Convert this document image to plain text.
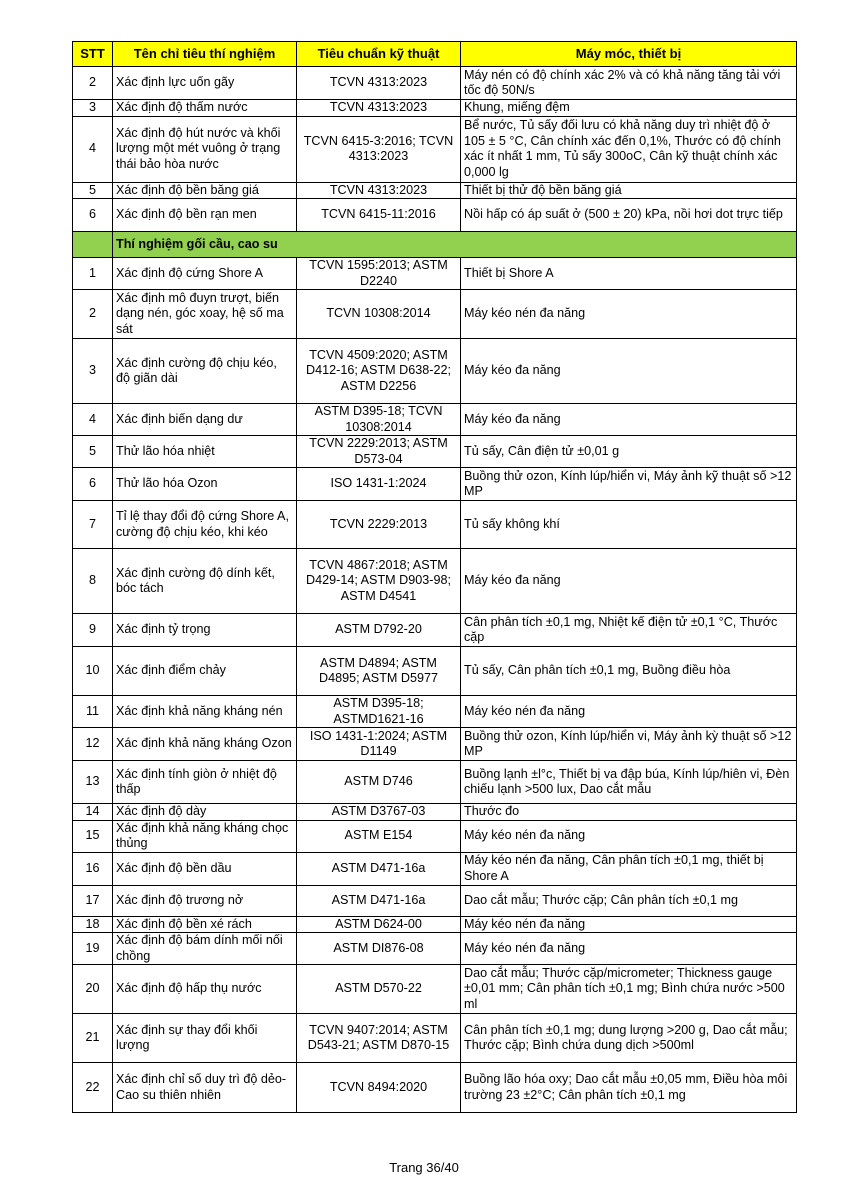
STT	Tên chỉ tiêu thí nghiệm	Tiêu chuẩn kỹ thuật	Máy móc, thiết bị
2	Xác định lực uốn gãy	TCVN 4313:2023	Máy nén có độ chính xác 2% và có khả năng tăng tải với tốc độ 50N/s
3	Xác định độ thấm nước	TCVN 4313:2023	Khung, miếng đệm
4	Xác định độ hút nước và khối lượng một mét vuông ở trạng thái bảo hòa nước	TCVN 6415-3:2016; TCVN 4313:2023	Bể nước, Tủ sấy đối lưu có khả năng duy trì nhiệt độ ở 105 ± 5 °C, Cân chính xác đến 0,1%, Thước có độ chính xác ít nhất 1 mm, Tủ sấy 300oC, Cân kỹ thuật chính xác 0,000 lg
5	Xác định độ bền băng giá	TCVN 4313:2023	Thiết bị thử độ bền băng giá
6	Xác định độ bền rạn men	TCVN 6415-11:2016	Nồi hấp có áp suất ở (500 ± 20) kPa, nồi hơi dot trực tiếp
	Thí nghiệm gối cầu, cao su		
1	Xác định độ cứng Shore A	TCVN 1595:2013; ASTM D2240	Thiết bị Shore A
2	Xác định mô đuyn trượt, biến dạng nén, góc xoay, hệ số ma sát	TCVN 10308:2014	Máy kéo nén đa năng
3	Xác định cường độ chịu kéo, độ giãn dài	TCVN 4509:2020; ASTM D412-16; ASTM D638-22; ASTM D2256	Máy kéo đa năng
4	Xác định biến dạng dư	ASTM D395-18; TCVN 10308:2014	Máy kéo đa năng
5	Thử lão hóa nhiệt	TCVN 2229:2013; ASTM D573-04	Tủ sấy, Cân điện tử ±0,01 g
6	Thử lão hóa Ozon	ISO 1431-1:2024	Buồng thử ozon, Kính lúp/hiển vi, Máy ảnh kỹ thuật số >12 MP
7	Tỉ lệ thay đổi độ cứng Shore A, cường độ chịu kéo, khi kéo	TCVN 2229:2013	Tủ sấy không khí
8	Xác định cường độ dính kết, bóc tách	TCVN 4867:2018; ASTM D429-14; ASTM D903-98; ASTM D4541	Máy kéo đa năng
9	Xác định tỷ trọng	ASTM D792-20	Cân phân tích ±0,1 mg, Nhiệt kế điện tử ±0,1 °C, Thước cặp
10	Xác định điểm chảy	ASTM D4894; ASTM D4895; ASTM D5977	Tủ sấy, Cân phân tích ±0,1 mg, Buồng điều hòa
11	Xác định khả năng kháng nén	ASTM D395-18; ASTMD1621-16	Máy kéo nén đa năng
12	Xác định khả năng kháng Ozon	ISO 1431-1:2024; ASTM D1149	Buồng thử ozon, Kính lúp/hiển vi, Máy ảnh kỳ thuật số >12 MP
13	Xác định tính giòn ở nhiệt độ thấp	ASTM D746	Buồng lạnh ±l°c, Thiết bị va đập búa, Kính lúp/hiên vi, Đèn chiếu lạnh >500 lux, Dao cắt mẫu
14	Xác định độ dày	ASTM D3767-03	Thước đo
15	Xác định khả năng kháng chọc thủng	ASTM E154	Máy kéo nén đa năng
16	Xác định độ bền dầu	ASTM D471-16a	Máy kéo nén đa năng, Cân phân tích ±0,1 mg, thiết bị Shore A
17	Xác định độ trương nở	ASTM D471-16a	Dao cắt mẫu; Thước cặp; Cân phân tích ±0,1 mg
18	Xác định độ bền xé rách	ASTM D624-00	Máy kéo nén đa năng
19	Xác định độ bám dính mối nối chồng	ASTM DI876-08	Máy kéo nén đa năng
20	Xác định độ hấp thụ nước	ASTM D570-22	Dao cắt mẫu; Thước cặp/micrometer; Thickness gauge ±0,01 mm; Cân phân tích ±0,1 mg; Bình chứa nước >500 ml
21	Xác định sự thay đổi khối lượng	TCVN 9407:2014; ASTM D543-21; ASTM D870-15	Cân phân tích ±0,1 mg; dung lượng >200 g, Dao cắt mẫu; Thước cặp; Bình chứa dung dịch >500ml
22	Xác định chỉ số duy trì độ dẻo- Cao su thiên nhiên	TCVN 8494:2020	Buồng lão hóa oxy; Dao cắt mẫu ±0,05 mm, Điều hòa môi trường 23 ±2°C; Cân phân tích ±0,1 mg
Trang 36/40
